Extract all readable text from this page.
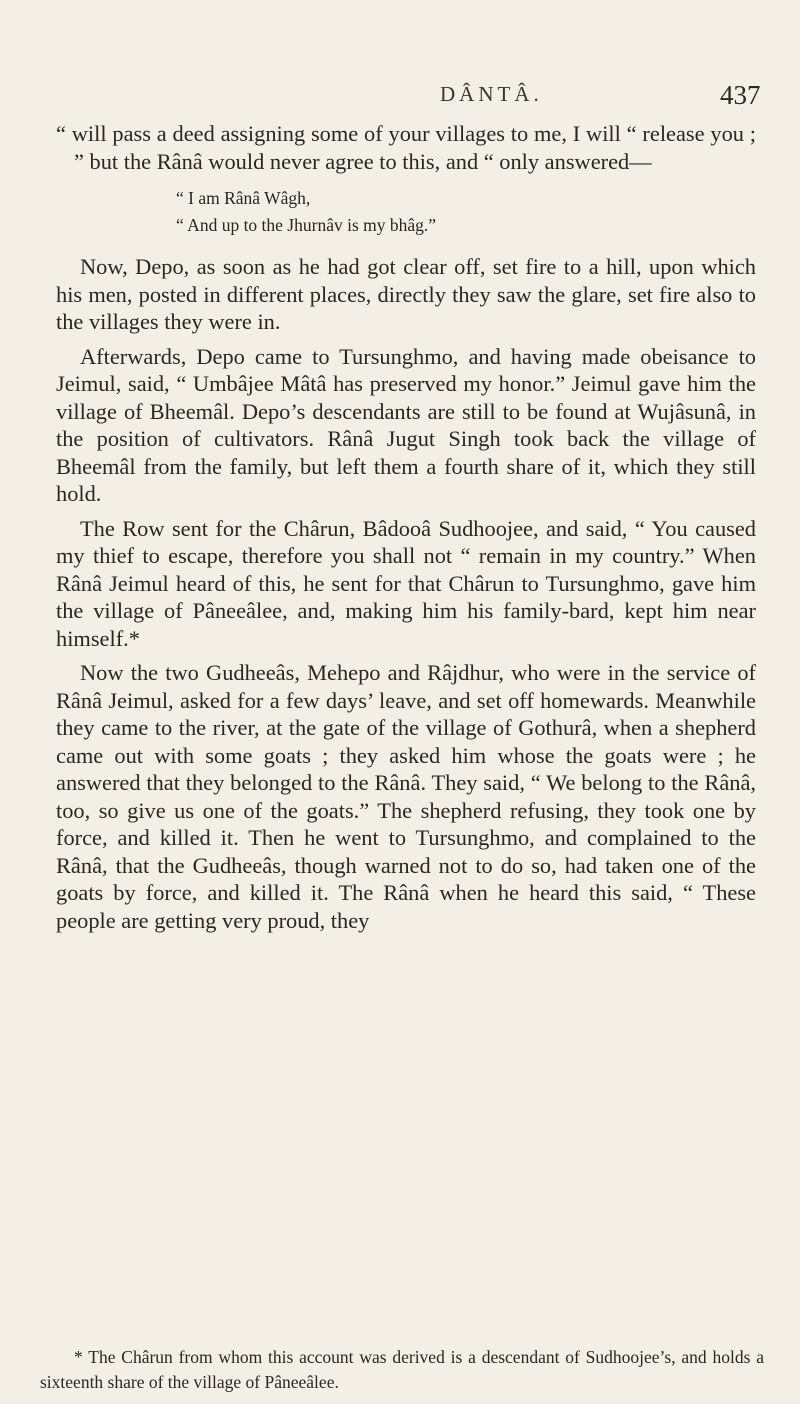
DÂNTÂ.	437

“ will pass a deed assigning some of your villages to me, I will “ release you ; ” but the Rânâ would never agree to this, and “ only answered—

“ I am Rânâ Wâgh,
“ And up to the Jhurnâv is my bhâg.”

Now, Depo, as soon as he had got clear off, set fire to a hill, upon which his men, posted in different places, directly they saw the glare, set fire also to the villages they were in.

Afterwards, Depo came to Tursunghmo, and having made obeisance to Jeimul, said, “ Umbâjee Mâtâ has preserved my honor.” Jeimul gave him the village of Bheemâl. Depo’s descendants are still to be found at Wujâsunâ, in the position of cultivators. Rânâ Jugut Singh took back the village of Bheemâl from the family, but left them a fourth share of it, which they still hold.

The Row sent for the Chârun, Bâdooâ Sudhoojee, and said, “ You caused my thief to escape, therefore you shall not “ remain in my country.” When Rânâ Jeimul heard of this, he sent for that Chârun to Tursunghmo, gave him the village of Pâneeâlee, and, making him his family-bard, kept him near himself.*

Now the two Gudheeâs, Mehepo and Râjdhur, who were in the service of Rânâ Jeimul, asked for a few days’ leave, and set off homewards. Meanwhile they came to the river, at the gate of the village of Gothurâ, when a shepherd came out with some goats ; they asked him whose the goats were ; he answered that they belonged to the Rânâ. They said, “ We belong to the Rânâ, too, so give us one of the goats.” The shepherd refusing, they took one by force, and killed it. Then he went to Tursunghmo, and complained to the Rânâ, that the Gudheeâs, though warned not to do so, had taken one of the goats by force, and killed it. The Rânâ when he heard this said, “ These people are getting very proud, they

* The Chârun from whom this account was derived is a descendant of Sudhoojee’s, and holds a sixteenth share of the village of Pâneeâlee.
